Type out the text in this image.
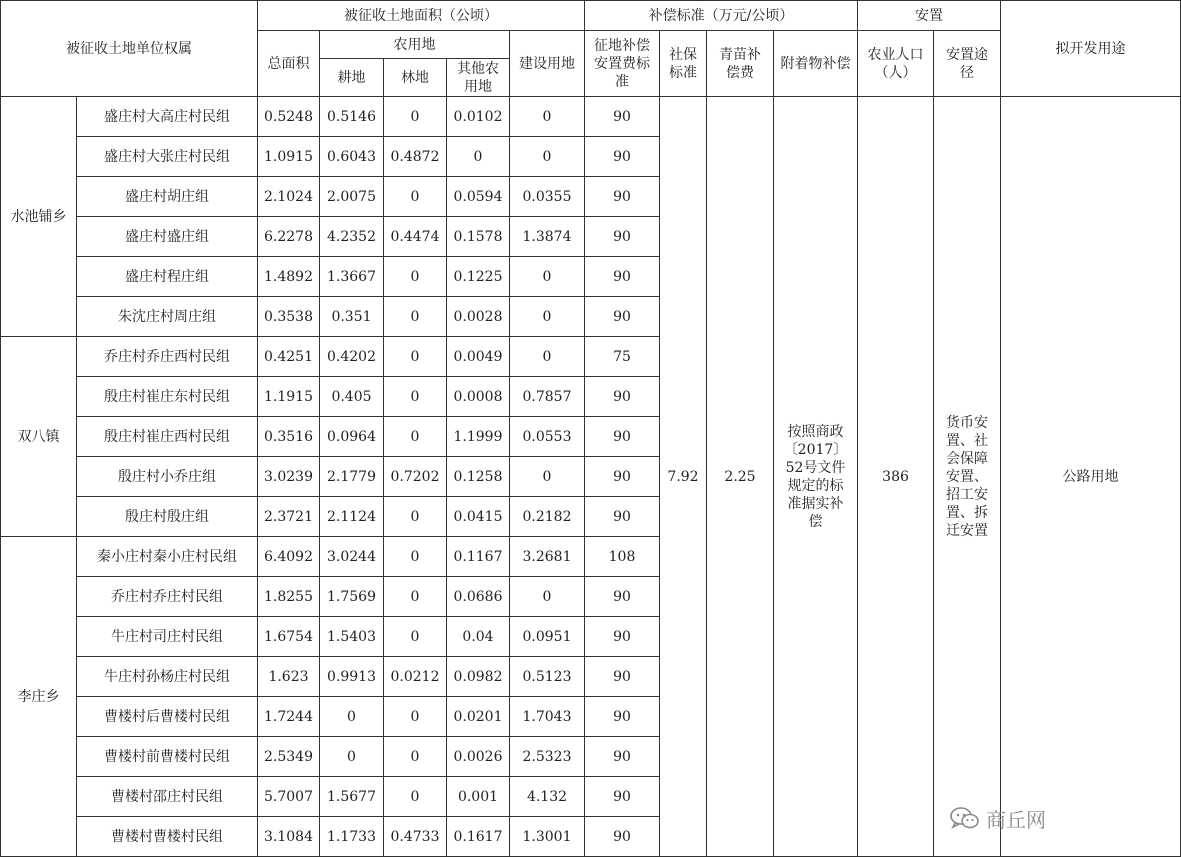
被征收土地单位权属		被征收土地面积（公顷）					补偿标准（万元/公顷）				安置		拟开发用途
		总面积	农用地			建设用地	征地补偿安置费标准	社保标准	青苗补偿费	附着物补偿	农业人口（人）	安置途径	
			耕地	林地	其他农用地								
水池铺乡	盛庄村大高庄村民组	0.5248	0.5146	0	0.0102	0	90	7.92	2.25	按照商政〔2017〕52号文件规定的标准据实补偿	386	货币安置、社会保障安置、招工安置、拆迁安置	公路用地
	盛庄村大张庄村民组	1.0915	0.6043	0.4872	0	0	90						
	盛庄村胡庄组	2.1024	2.0075	0	0.0594	0.0355	90						
	盛庄村盛庄组	6.2278	4.2352	0.4474	0.1578	1.3874	90						
	盛庄村程庄组	1.4892	1.3667	0	0.1225	0	90						
	朱沈庄村周庄组	0.3538	0.351	0	0.0028	0	90						
双八镇	乔庄村乔庄西村民组	0.4251	0.4202	0	0.0049	0	75						
	殷庄村崔庄东村民组	1.1915	0.405	0	0.0008	0.7857	90						
	殷庄村崔庄西村民组	0.3516	0.0964	0	1.1999	0.0553	90						
	殷庄村小乔庄组	3.0239	2.1779	0.7202	0.1258	0	90						
	殷庄村殷庄组	2.3721	2.1124	0	0.0415	0.2182	90						
李庄乡	秦小庄村秦小庄村民组	6.4092	3.0244	0	0.1167	3.2681	108						
	乔庄村乔庄村民组	1.8255	1.7569	0	0.0686	0	90						
	牛庄村司庄村民组	1.6754	1.5403	0	0.04	0.0951	90						
	牛庄村孙杨庄村民组	1.623	0.9913	0.0212	0.0982	0.5123	90						
	曹楼村后曹楼村民组	1.7244	0	0	0.0201	1.7043	90						
	曹楼村前曹楼村民组	2.5349	0	0	0.0026	2.5323	90						
	曹楼村邵庄村民组	5.7007	1.5677	0	0.001	4.132	90						
	曹楼村曹楼村民组	3.1084	1.1733	0.4733	0.1617	1.3001	90						
商丘网
